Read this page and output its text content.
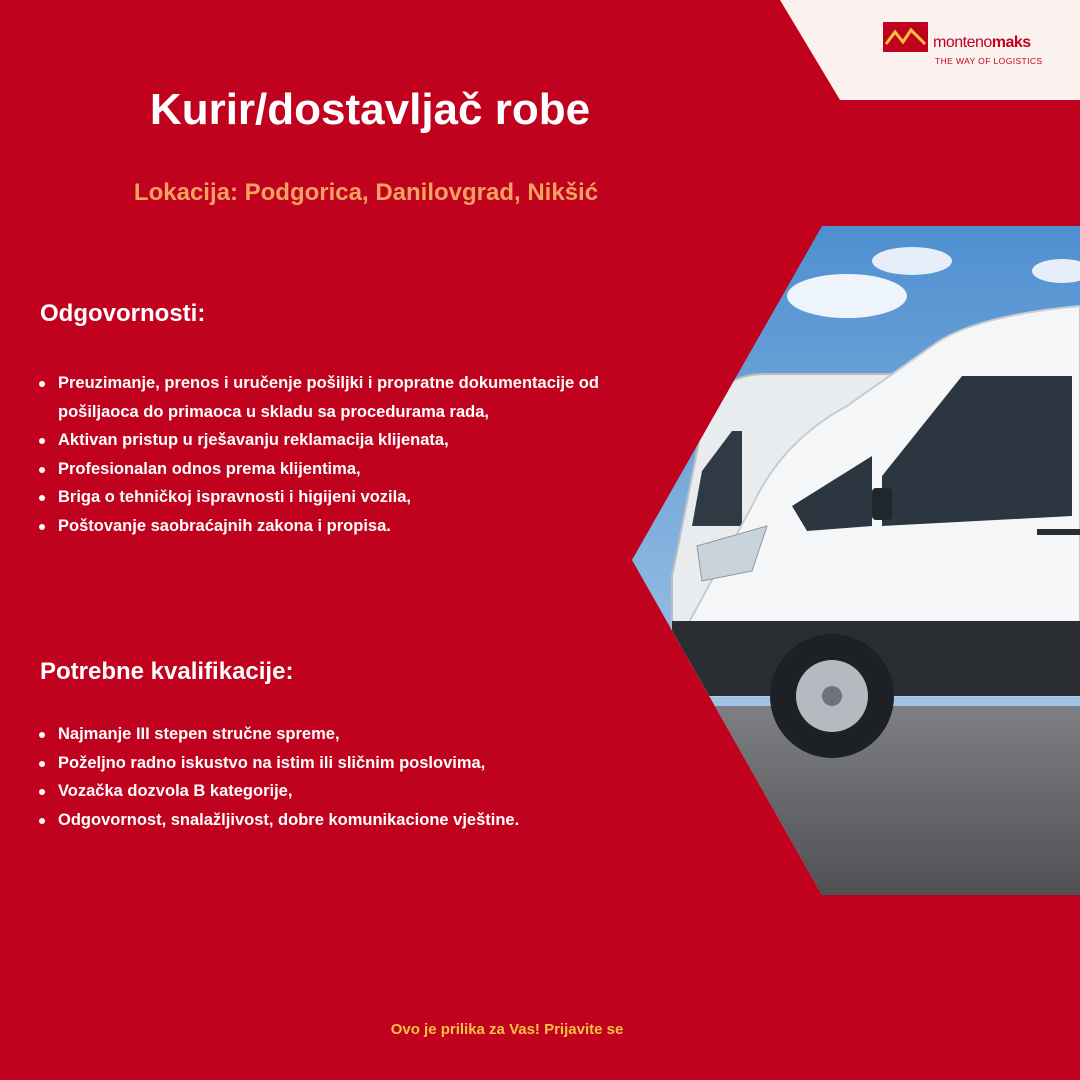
montenomaks
THE WAY OF LOGISTICS
Kurir/dostavljač robe
Lokacija: Podgorica, Danilovgrad, Nikšić
Odgovornosti:
Preuzimanje, prenos i uručenje pošiljki i propratne dokumentacije od pošiljaoca do primaoca u skladu sa procedurama rada,
Aktivan pristup u rješavanju reklamacija klijenata,
Profesionalan odnos prema klijentima,
Briga o tehničkoj ispravnosti i higijeni vozila,
Poštovanje saobraćajnih zakona i propisa.
Potrebne kvalifikacije:
Najmanje III stepen stručne spreme,
Poželjno radno iskustvo na istim ili sličnim poslovima,
Vozačka dozvola B kategorije,
Odgovornost, snalažljivost, dobre komunikacione vještine.
Ovo je prilika za Vas! Prijavite se
